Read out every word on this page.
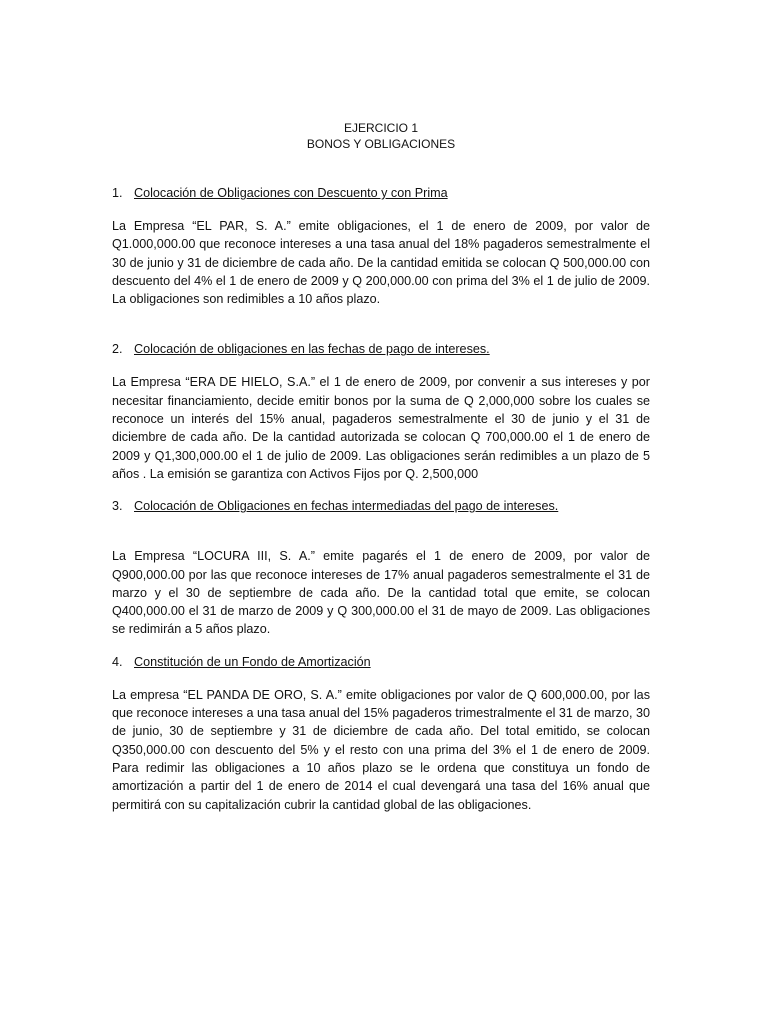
EJERCICIO 1

BONOS Y OBLIGACIONES

1. Colocación de Obligaciones con Descuento y con Prima

La Empresa “EL PAR, S. A.” emite obligaciones, el 1 de enero de 2009, por valor de Q1.000,000.00 que reconoce intereses a una tasa anual del 18% pagaderos semestralmente el 30 de junio y 31 de diciembre de cada año. De la cantidad emitida se colocan Q 500,000.00 con descuento del 4% el 1 de enero de 2009 y Q 200,000.00 con prima del 3% el 1 de julio de 2009. La obligaciones son redimibles a 10 años plazo.

2. Colocación de obligaciones en las fechas de pago de intereses.

La Empresa “ERA DE HIELO, S.A.” el 1 de enero de 2009, por convenir a sus intereses y por necesitar financiamiento, decide emitir bonos por la suma de Q 2,000,000 sobre los cuales se reconoce un interés del 15% anual, pagaderos semestralmente el 30 de junio y el 31 de diciembre de cada año. De la cantidad autorizada se colocan Q 700,000.00 el 1 de enero de 2009 y Q1,300,000.00 el 1 de julio de 2009. Las obligaciones serán redimibles a un plazo de 5 años . La emisión se garantiza con Activos Fijos por Q. 2,500,000

3. Colocación de Obligaciones en fechas intermediadas del pago de intereses.

La Empresa “LOCURA III, S. A.” emite pagarés el 1 de enero de 2009, por valor de Q900,000.00 por las que reconoce intereses de 17% anual pagaderos semestralmente el 31 de marzo y el 30 de septiembre de cada año. De la cantidad total que emite, se colocan Q400,000.00 el 31 de marzo de 2009 y Q 300,000.00 el 31 de mayo de 2009. Las obligaciones se redimirán a 5 años plazo.

4. Constitución de un Fondo de Amortización

La empresa “EL PANDA DE ORO, S. A.” emite obligaciones por valor de Q 600,000.00, por las que reconoce intereses a una tasa anual del 15% pagaderos trimestralmente el 31 de marzo, 30 de junio, 30 de septiembre y 31 de diciembre de cada año. Del total emitido, se colocan Q350,000.00 con descuento del 5% y el resto con una prima del 3% el 1 de enero de 2009. Para redimir las obligaciones a 10 años plazo se le ordena que constituya un fondo de amortización a partir del 1 de enero de 2014 el cual devengará una tasa del 16% anual que permitirá con su capitalización cubrir la cantidad global de las obligaciones.
